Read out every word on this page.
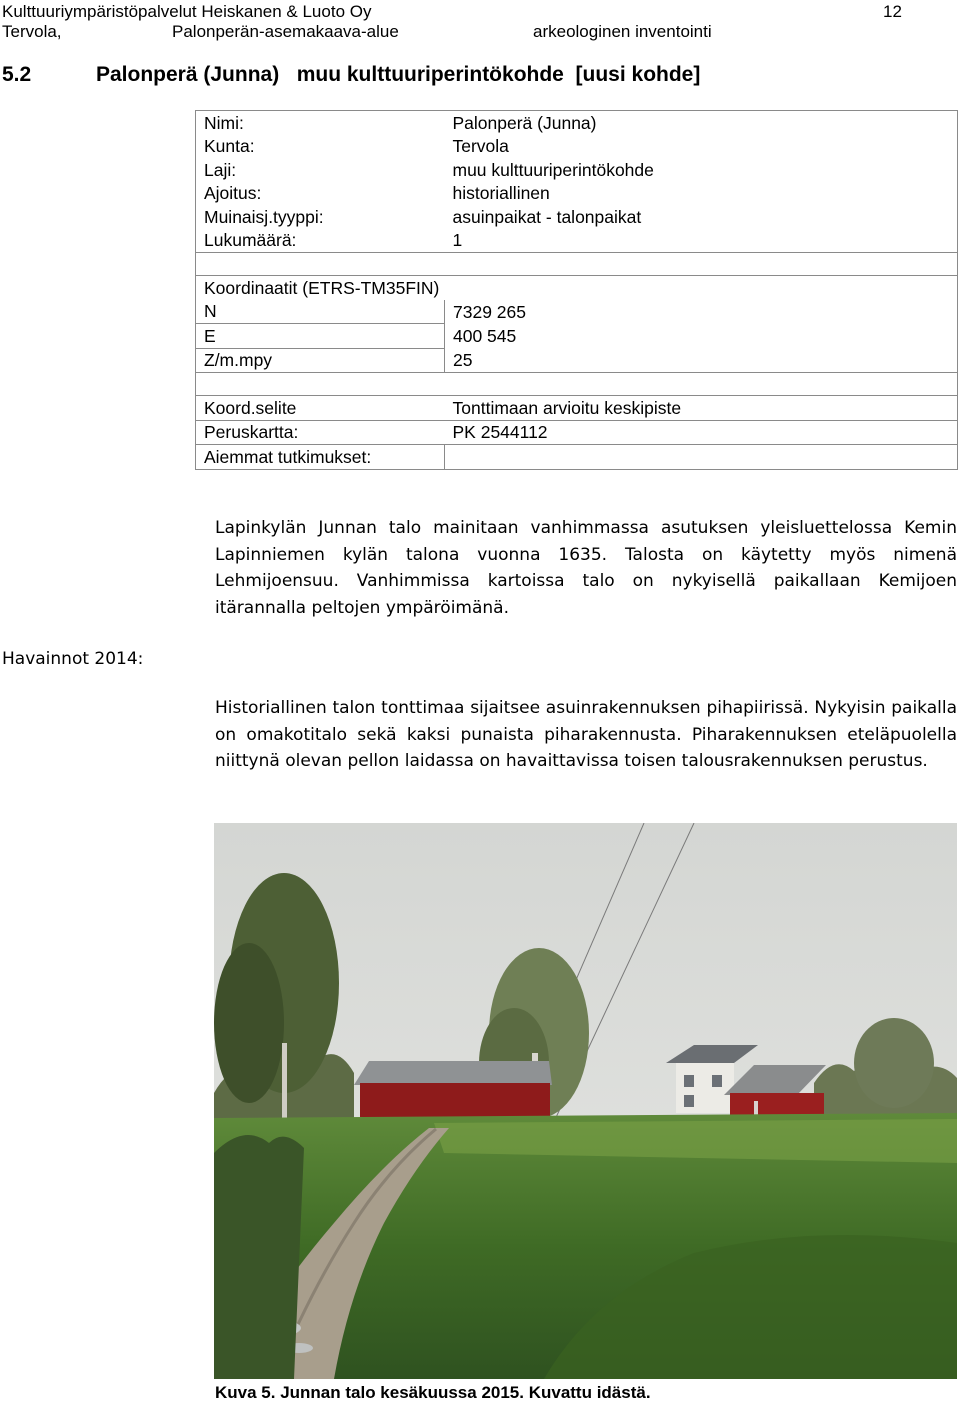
Kulttuuriympäristöpalvelut Heiskanen & Luoto Oy	12
Tervola,	Palonperän-asemakaava-alue	arkeologinen inventointi
5.2	Palonperä (Junna)   muu kulttuuriperintökohde  [uusi kohde]
Nimi:	Palonperä (Junna)
Kunta:	Tervola
Laji:	muu kulttuuriperintökohde
Ajoitus:	historiallinen
Muinaisj.tyyppi:	asuinpaikat - talonpaikat
Lukumäärä:	1

Koordinaatit (ETRS-TM35FIN)	
N	7329 265
E	400 545
Z/m.mpy	25

Koord.selite	Tonttimaan arvioitu keskipiste
Peruskartta:	PK 2544112
Aiemmat tutkimukset:	

Lapinkylän Junnan talo mainitaan vanhimmassa asutuksen yleisluettelossa Kemin Lapinniemen kylän talona vuonna 1635. Talosta on käytetty myös nimenä Lehmijoensuu. Vanhimmissa kartoissa talo on nykyisellä paikallaan Kemijoen itärannalla peltojen ympäröimänä.

Havainnot 2014:

Historiallinen talon tonttimaa sijaitsee asuinrakennuksen pihapiirissä. Nykyisin paikalla on omakotitalo sekä kaksi punaista piharakennusta. Piharakennuksen eteläpuolella niittynä olevan pellon laidassa on havaittavissa toisen talousrakennuksen perustus.

Kuva 5. Junnan talo kesäkuussa 2015. Kuvattu idästä.
